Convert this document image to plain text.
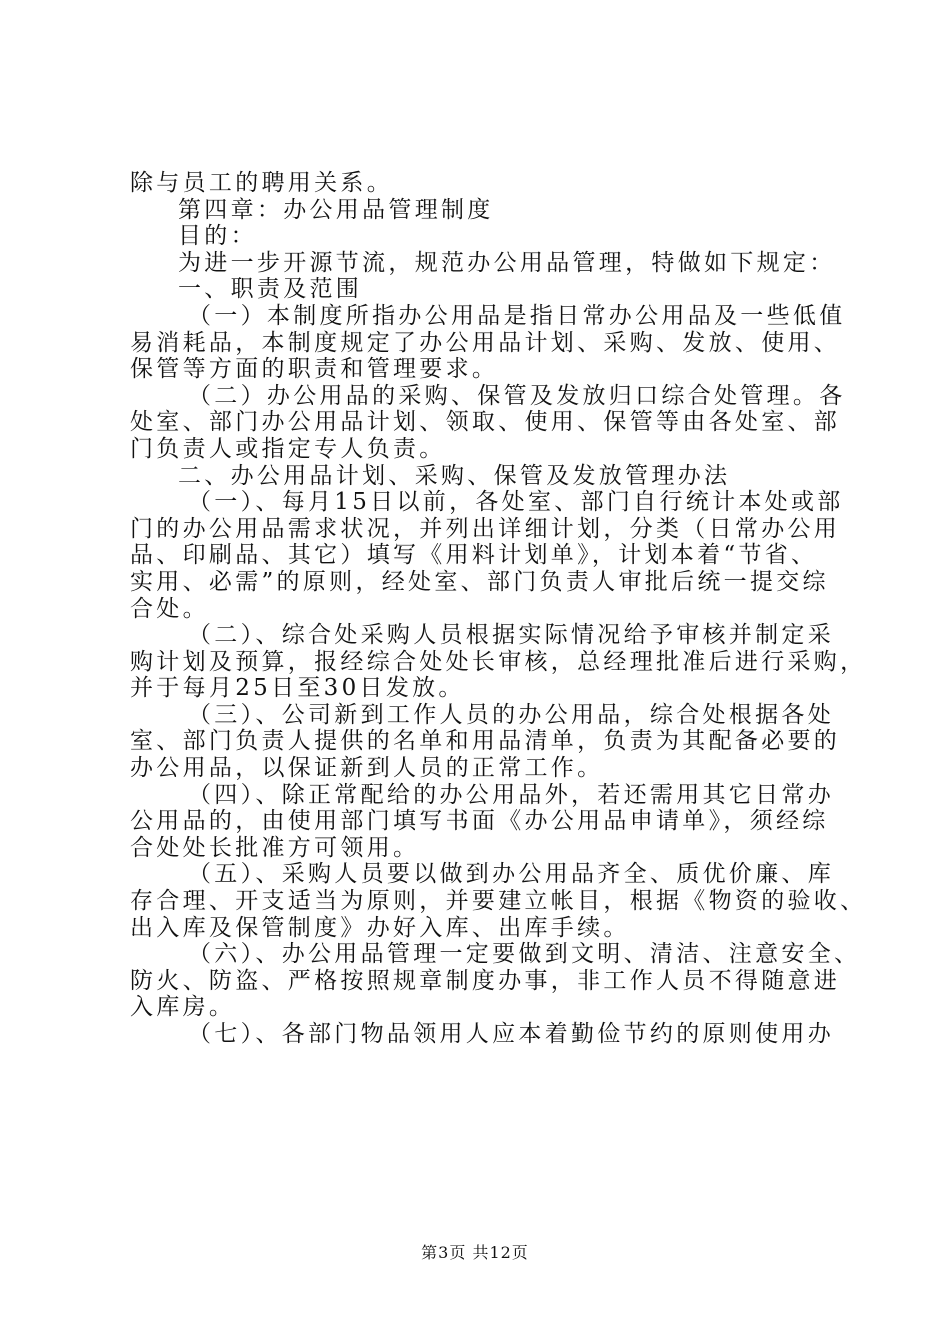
除与员工的聘用关系。
第四章：办公用品管理制度
目的：
为进一步开源节流，规范办公用品管理，特做如下规定：
一、职责及范围
（一）本制度所指办公用品是指日常办公用品及一些低值
易消耗品，本制度规定了办公用品计划、采购、发放、使用、
保管等方面的职责和管理要求。
（二）办公用品的采购、保管及发放归口综合处管理。各
处室、部门办公用品计划、领取、使用、保管等由各处室、部
门负责人或指定专人负责。
二、办公用品计划、采购、保管及发放管理办法
（一）、每月15日以前，各处室、部门自行统计本处或部
门的办公用品需求状况，并列出详细计划，分类（日常办公用
品、印刷品、其它）填写《用料计划单》，计划本着“节省、
实用、必需”的原则，经处室、部门负责人审批后统一提交综
合处。
（二）、综合处采购人员根据实际情况给予审核并制定采
购计划及预算，报经综合处处长审核，总经理批准后进行采购，
并于每月25日至30日发放。
（三）、公司新到工作人员的办公用品，综合处根据各处
室、部门负责人提供的名单和用品清单，负责为其配备必要的
办公用品，以保证新到人员的正常工作。
（四）、除正常配给的办公用品外，若还需用其它日常办
公用品的，由使用部门填写书面《办公用品申请单》，须经综
合处处长批准方可领用。
（五）、采购人员要以做到办公用品齐全、质优价廉、库
存合理、开支适当为原则，并要建立帐目，根据《物资的验收、
出入库及保管制度》办好入库、出库手续。
（六）、办公用品管理一定要做到文明、清洁、注意安全、
防火、防盗、严格按照规章制度办事，非工作人员不得随意进
入库房。
（七）、各部门物品领用人应本着勤俭节约的原则使用办
第3页 共12页
